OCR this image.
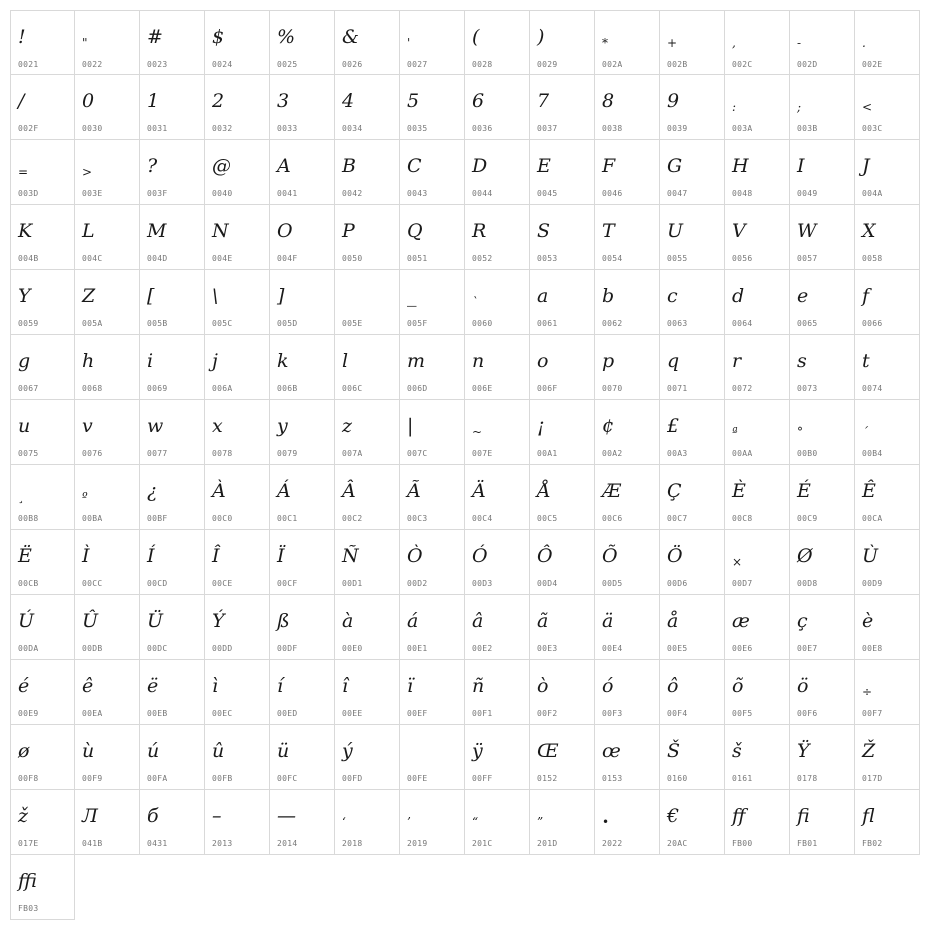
!
0021
"
0022
#
0023
$
0024
%
0025
&
0026
'
0027
(
0028
)
0029
*
002A
+
002B
,
002C
-
002D
.
002E
/
002F
0
0030
1
0031
2
0032
3
0033
4
0034
5
0035
6
0036
7
0037
8
0038
9
0039
:
003A
;
003B
<
003C
=
003D
>
003E
?
003F
@
0040
A
0041
B
0042
C
0043
D
0044
E
0045
F
0046
G
0047
H
0048
I
0049
J
004A
K
004B
L
004C
M
004D
N
004E
O
004F
P
0050
Q
0051
R
0052
S
0053
T
0054
U
0055
V
0056
W
0057
X
0058
Y
0059
Z
005A
[
005B
\
005C
]
005D	005E
_
005F
`
0060
a
0061
b
0062
c
0063
d
0064
e
0065
f
0066
g
0067
h
0068
i
0069
j
006A
k
006B
l
006C
m
006D
n
006E
o
006F
p
0070
q
0071
r
0072
s
0073
t
0074
u
0075
v
0076
w
0077
x
0078
y
0079
z
007A
|
007C
~
007E
¡
00A1
¢
00A2
£
00A3
ª
00AA
°
00B0
´
00B4
¸
00B8
º
00BA
¿
00BF
À
00C0
Á
00C1
Â
00C2
Ã
00C3
Ä
00C4
Å
00C5
Æ
00C6
Ç
00C7
È
00C8
É
00C9
Ê
00CA
Ë
00CB
Ì
00CC
Í
00CD
Î
00CE
Ï
00CF
Ñ
00D1
Ò
00D2
Ó
00D3
Ô
00D4
Õ
00D5
Ö
00D6
×
00D7
Ø
00D8
Ù
00D9
Ú
00DA
Û
00DB
Ü
00DC
Ý
00DD
ß
00DF
à
00E0
á
00E1
â
00E2
ã
00E3
ä
00E4
å
00E5
æ
00E6
ç
00E7
è
00E8
é
00E9
ê
00EA
ë
00EB
ì
00EC
í
00ED
î
00EE
ï
00EF
ñ
00F1
ò
00F2
ó
00F3
ô
00F4
õ
00F5
ö
00F6
÷
00F7
ø
00F8
ù
00F9
ú
00FA
û
00FB
ü
00FC
ý
00FD	00FE
ÿ
00FF
Œ
0152
œ
0153
Š
0160
š
0161
Ÿ
0178
Ž
017D
ž
017E
Л
041B
б
0431
–
2013
—
2014
‘
2018
’
2019
“
201C
”
201D
•
2022
€
20AC
ﬀ
FB00
ﬁ
FB01
ﬂ
FB02
ﬃ
FB03
